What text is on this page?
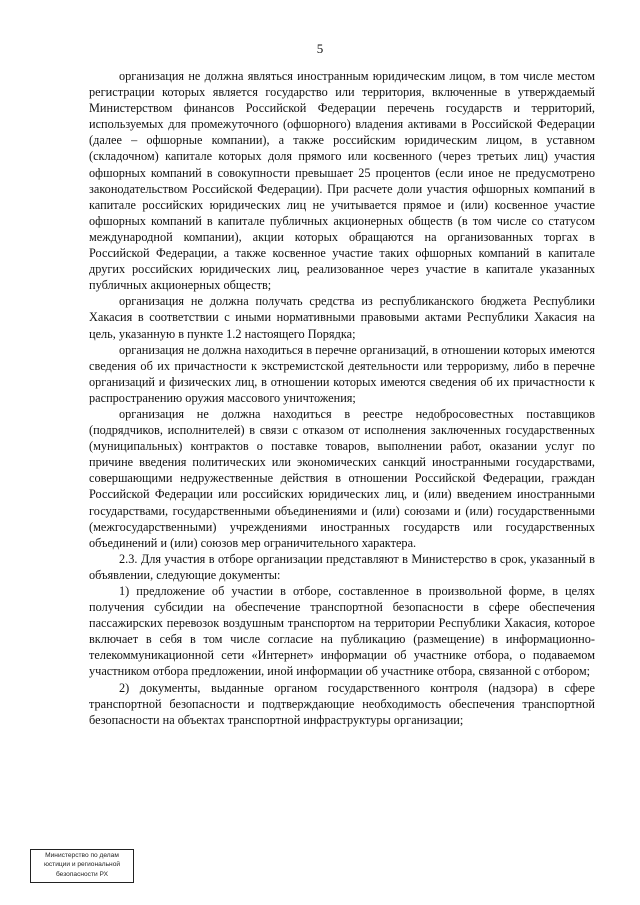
5

организация не должна являться иностранным юридическим лицом, в том числе местом регистрации которых является государство или территория, включенные в утверждаемый Министерством финансов Российской Федерации перечень государств и территорий, используемых для промежуточного (офшорного) владения активами в Российской Федерации (далее – офшорные компании), а также российским юридическим лицом, в уставном (складочном) капитале которых доля прямого или косвенного (через третьих лиц) участия офшорных компаний в совокупности превышает 25 процентов (если иное не предусмотрено законодательством Российской Федерации). При расчете доли участия офшорных компаний в капитале российских юридических лиц не учитывается прямое и (или) косвенное участие офшорных компаний в капитале публичных акционерных обществ (в том числе со статусом международной компании), акции которых обращаются на организованных торгах в Российской Федерации, а также косвенное участие таких офшорных компаний в капитале других российских юридических лиц, реализованное через участие в капитале указанных публичных акционерных обществ;

организация не должна получать средства из республиканского бюджета Республики Хакасия в соответствии с иными нормативными правовыми актами Республики Хакасия на цель, указанную в пункте 1.2 настоящего Порядка;

организация не должна находиться в перечне организаций, в отношении которых имеются сведения об их причастности к экстремистской деятельности или терроризму, либо в перечне организаций и физических лиц, в отношении которых имеются сведения об их причастности к распространению оружия массового уничтожения;

организация не должна находиться в реестре недобросовестных поставщиков (подрядчиков, исполнителей) в связи с отказом от исполнения заключенных государственных (муниципальных) контрактов о поставке товаров, выполнении работ, оказании услуг по причине введения политических или экономических санкций иностранными государствами, совершающими недружественные действия в отношении Российской Федерации, граждан Российской Федерации или российских юридических лиц, и (или) введением иностранными государствами, государственными объединениями и (или) союзами и (или) государственными (межгосударственными) учреждениями иностранных государств или государственных объединений и (или) союзов мер ограничительного характера.

2.3. Для участия в отборе организации представляют в Министерство в срок, указанный в объявлении, следующие документы:

1) предложение об участии в отборе, составленное в произвольной форме, в целях получения субсидии на обеспечение транспортной безопасности в сфере обеспечения пассажирских перевозок воздушным транспортом на территории Республики Хакасия, которое включает в себя в том числе согласие на публикацию (размещение) в информационно-телекоммуникационной сети «Интернет» информации об участнике отбора, о подаваемом участником отбора предложении, иной информации об участнике отбора, связанной с отбором;

2) документы, выданные органом государственного контроля (надзора) в сфере транспортной безопасности и подтверждающие необходимость обеспечения транспортной безопасности на объектах транспортной инфраструктуры организации;

Министерство по делам
юстиции и региональной
безопасности РХ
